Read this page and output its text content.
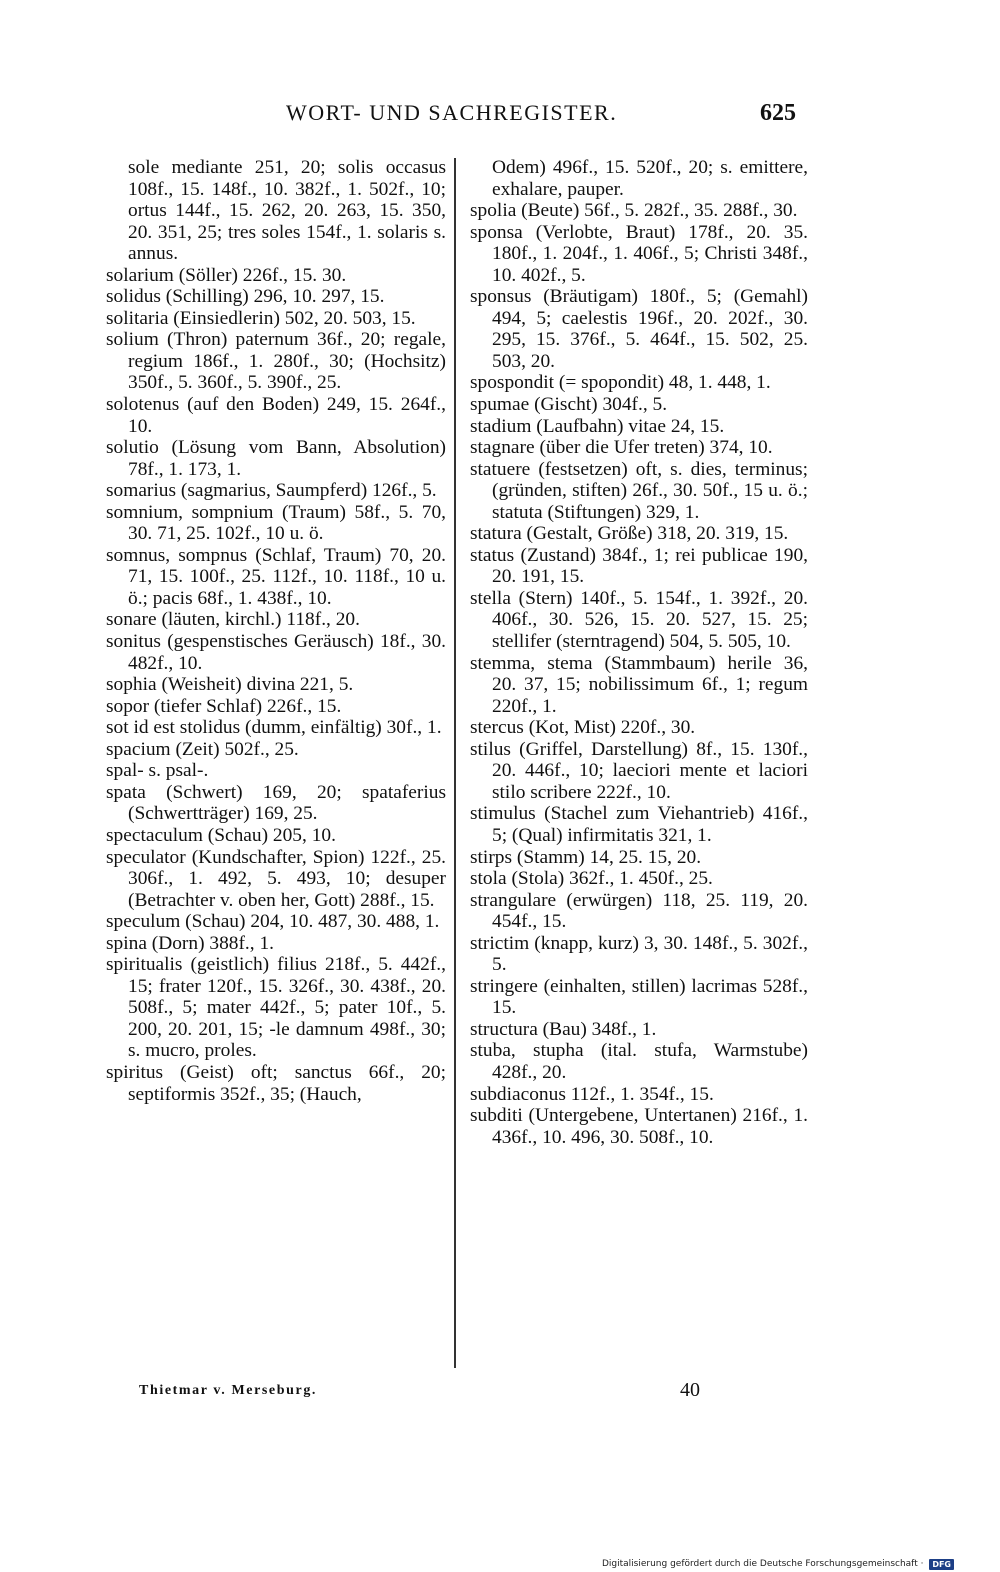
WORT- UND SACHREGISTER.	625

sole mediante 251, 20; solis occasus 108f., 15. 148f., 10. 382f., 1. 502f., 10; ortus 144f., 15. 262, 20. 263, 15. 350, 20. 351, 25; tres soles 154f., 1. solaris s. annus.

solarium (Söller) 226f., 15. 30.

solidus (Schilling) 296, 10. 297, 15.

solitaria (Einsiedlerin) 502, 20. 503, 15.

solium (Thron) paternum 36f., 20; regale, regium 186f., 1. 280f., 30; (Hochsitz) 350f., 5. 360f., 5. 390f., 25.

solotenus (auf den Boden) 249, 15. 264f., 10.

solutio (Lösung vom Bann, Absolution) 78f., 1. 173, 1.

somarius (sagmarius, Saumpferd) 126f., 5.

somnium, sompnium (Traum) 58f., 5. 70, 30. 71, 25. 102f., 10 u. ö.

somnus, sompnus (Schlaf, Traum) 70, 20. 71, 15. 100f., 25. 112f., 10. 118f., 10 u. ö.; pacis 68f., 1. 438f., 10.

sonare (läuten, kirchl.) 118f., 20.

sonitus (gespenstisches Geräusch) 18f., 30. 482f., 10.

sophia (Weisheit) divina 221, 5.

sopor (tiefer Schlaf) 226f., 15.

sot id est stolidus (dumm, einfältig) 30f., 1.

spacium (Zeit) 502f., 25.

spal- s. psal-.

spata (Schwert) 169, 20; spataferius (Schwertträger) 169, 25.

spectaculum (Schau) 205, 10.

speculator (Kundschafter, Spion) 122f., 25. 306f., 1. 492, 5. 493, 10; desuper (Betrachter v. oben her, Gott) 288f., 15.

speculum (Schau) 204, 10. 487, 30. 488, 1.

spina (Dorn) 388f., 1.

spiritualis (geistlich) filius 218f., 5. 442f., 15; frater 120f., 15. 326f., 30. 438f., 20. 508f., 5; mater 442f., 5; pater 10f., 5. 200, 20. 201, 15; -le damnum 498f., 30; s. mucro, proles.

spiritus (Geist) oft; sanctus 66f., 20; septiformis 352f., 35; (Hauch,

Odem) 496f., 15. 520f., 20; s. emittere, exhalare, pauper.

spolia (Beute) 56f., 5. 282f., 35. 288f., 30.

sponsa (Verlobte, Braut) 178f., 20. 35. 180f., 1. 204f., 1. 406f., 5; Christi 348f., 10. 402f., 5.

sponsus (Bräutigam) 180f., 5; (Gemahl) 494, 5; caelestis 196f., 20. 202f., 30. 295, 15. 376f., 5. 464f., 15. 502, 25. 503, 20.

spospondit (= spopondit) 48, 1. 448, 1.

spumae (Gischt) 304f., 5.

stadium (Laufbahn) vitae 24, 15.

stagnare (über die Ufer treten) 374, 10.

statuere (festsetzen) oft, s. dies, terminus; (gründen, stiften) 26f., 30. 50f., 15 u. ö.; statuta (Stiftungen) 329, 1.

statura (Gestalt, Größe) 318, 20. 319, 15.

status (Zustand) 384f., 1; rei publicae 190, 20. 191, 15.

stella (Stern) 140f., 5. 154f., 1. 392f., 20. 406f., 30. 526, 15. 20. 527, 15. 25; stellifer (sterntragend) 504, 5. 505, 10.

stemma, stema (Stammbaum) herile 36, 20. 37, 15; nobilissimum 6f., 1; regum 220f., 1.

stercus (Kot, Mist) 220f., 30.

stilus (Griffel, Darstellung) 8f., 15. 130f., 20. 446f., 10; laeciori mente et laciori stilo scribere 222f., 10.

stimulus (Stachel zum Viehantrieb) 416f., 5; (Qual) infirmitatis 321, 1.

stirps (Stamm) 14, 25. 15, 20.

stola (Stola) 362f., 1. 450f., 25.

strangulare (erwürgen) 118, 25. 119, 20. 454f., 15.

strictim (knapp, kurz) 3, 30. 148f., 5. 302f., 5.

stringere (einhalten, stillen) lacrimas 528f., 15.

structura (Bau) 348f., 1.

stuba, stupha (ital. stufa, Warmstube) 428f., 20.

subdiaconus 112f., 1. 354f., 15.

subditi (Untergebene, Untertanen) 216f., 1. 436f., 10. 496, 30. 508f., 10.

Thietmar v. Merseburg.	40
Digitalisierung gefördert durch die Deutsche Forschungsgemeinschaft · DFG
